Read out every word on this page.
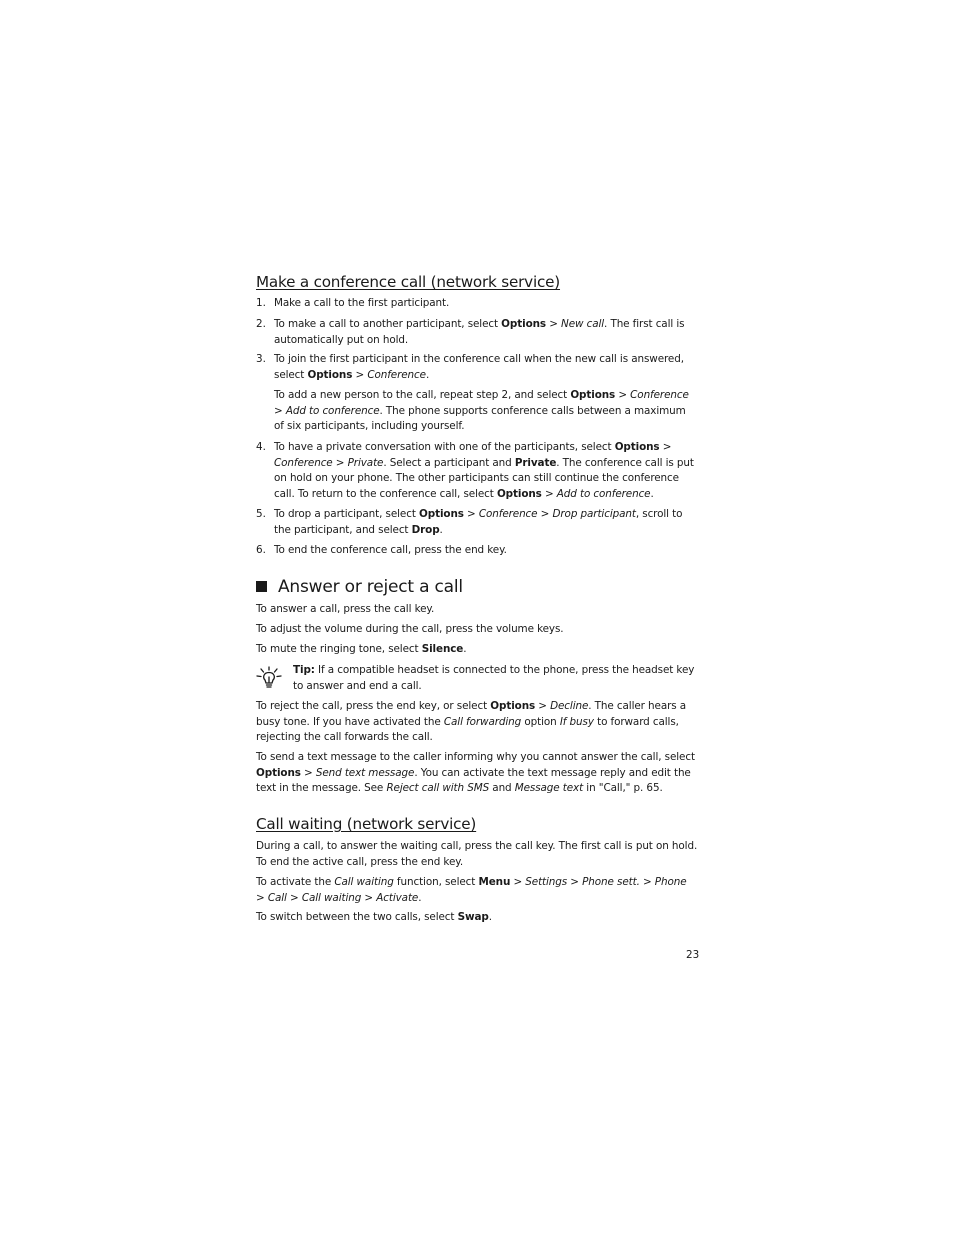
Make a conference call (network service)
1. Make a call to the first participant.
2. To make a call to another participant, select Options > New call. The first call is automatically put on hold.
3. To join the first participant in the conference call when the new call is answered, select Options > Conference.
To add a new person to the call, repeat step 2, and select Options > Conference > Add to conference. The phone supports conference calls between a maximum of six participants, including yourself.
4. To have a private conversation with one of the participants, select Options > Conference > Private. Select a participant and Private. The conference call is put on hold on your phone. The other participants can still continue the conference call. To return to the conference call, select Options > Add to conference.
5. To drop a participant, select Options > Conference > Drop participant, scroll to the participant, and select Drop.
6. To end the conference call, press the end key.
Answer or reject a call
To answer a call, press the call key.
To adjust the volume during the call, press the volume keys.
To mute the ringing tone, select Silence.
Tip: If a compatible headset is connected to the phone, press the headset key to answer and end a call.
To reject the call, press the end key, or select Options > Decline. The caller hears a busy tone. If you have activated the Call forwarding option If busy to forward calls, rejecting the call forwards the call.
To send a text message to the caller informing why you cannot answer the call, select Options > Send text message. You can activate the text message reply and edit the text in the message. See Reject call with SMS and Message text in "Call," p. 65.
Call waiting (network service)
During a call, to answer the waiting call, press the call key. The first call is put on hold. To end the active call, press the end key.
To activate the Call waiting function, select Menu > Settings > Phone sett. > Phone > Call > Call waiting > Activate.
To switch between the two calls, select Swap.
23
